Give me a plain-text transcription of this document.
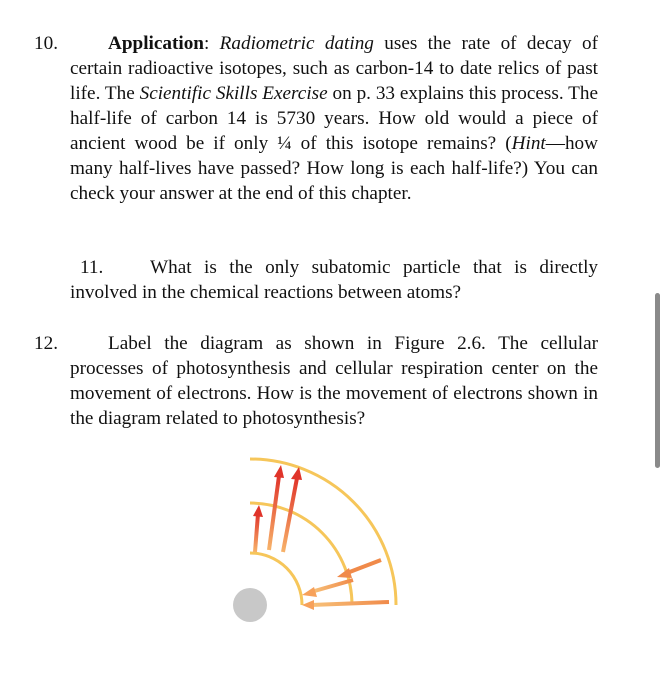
10.	Application: Radiometric dating uses the rate of decay of certain radioactive isotopes, such as carbon-14 to date relics of past life. The Scientific Skills Exercise on p. 33 explains this process. The half-life of carbon 14 is 5730 years. How old would a piece of ancient wood be if only ¼ of this isotope remains? (Hint—how many half-lives have passed? How long is each half-life?) You can check your answer at the end of this chapter.
11. What is the only subatomic particle that is directly involved in the chemical reactions between atoms?
12.	Label the diagram as shown in Figure 2.6. The cellular processes of photosynthesis and cellular respiration center on the movement of electrons. How is the movement of electrons shown in the diagram related to photosynthesis?
